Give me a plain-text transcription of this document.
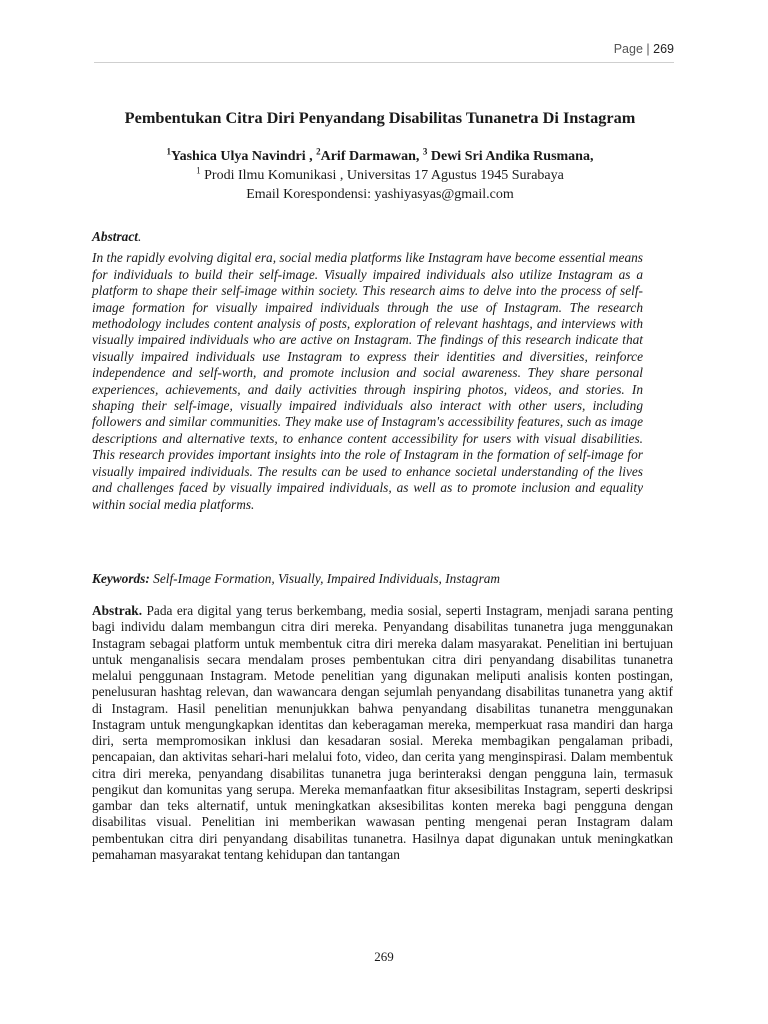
Page | 269
Pembentukan Citra Diri Penyandang Disabilitas Tunanetra Di Instagram
$^1$Yashica Ulya Navindri , $^2$Arif Darmawan, $^3$ Dewi Sri Andika Rusmana,
$^1$ Prodi Ilmu Komunikasi , Universitas 17 Agustus 1945 Surabaya
Email Korespondensi: yashiyasyas@gmail.com
Abstract.

In the rapidly evolving digital era, social media platforms like Instagram have become essential means for individuals to build their self-image. Visually impaired individuals also utilize Instagram as a platform to shape their self-image within society. This research aims to delve into the process of self-image formation for visually impaired individuals through the use of Instagram. The research methodology includes content analysis of posts, exploration of relevant hashtags, and interviews with visually impaired individuals who are active on Instagram. The findings of this research indicate that visually impaired individuals use Instagram to express their identities and diversities, reinforce independence and self-worth, and promote inclusion and social awareness. They share personal experiences, achievements, and daily activities through inspiring photos, videos, and stories. In shaping their self-image, visually impaired individuals also interact with other users, including followers and similar communities. They make use of Instagram's accessibility features, such as image descriptions and alternative texts, to enhance content accessibility for users with visual disabilities. This research provides important insights into the role of Instagram in the formation of self-image for visually impaired individuals. The results can be used to enhance societal understanding of the lives and challenges faced by visually impaired individuals, as well as to promote inclusion and equality within social media platforms.

Keywords: Self-Image Formation, Visually, Impaired Individuals, Instagram
Abstrak. Pada era digital yang terus berkembang, media sosial, seperti Instagram, menjadi sarana penting bagi individu dalam membangun citra diri mereka. Penyandang disabilitas tunanetra juga menggunakan Instagram sebagai platform untuk membentuk citra diri mereka dalam masyarakat. Penelitian ini bertujuan untuk menganalisis secara mendalam proses pembentukan citra diri penyandang disabilitas tunanetra melalui penggunaan Instagram. Metode penelitian yang digunakan meliputi analisis konten postingan, penelusuran hashtag relevan, dan wawancara dengan sejumlah penyandang disabilitas tunanetra yang aktif di Instagram. Hasil penelitian menunjukkan bahwa penyandang disabilitas tunanetra menggunakan Instagram untuk mengungkapkan identitas dan keberagaman mereka, memperkuat rasa mandiri dan harga diri, serta mempromosikan inklusi dan kesadaran sosial. Mereka membagikan pengalaman pribadi, pencapaian, dan aktivitas sehari-hari melalui foto, video, dan cerita yang menginspirasi. Dalam membentuk citra diri mereka, penyandang disabilitas tunanetra juga berinteraksi dengan pengguna lain, termasuk pengikut dan komunitas yang serupa. Mereka memanfaatkan fitur aksesibilitas Instagram, seperti deskripsi gambar dan teks alternatif, untuk meningkatkan aksesibilitas konten mereka bagi pengguna dengan disabilitas visual. Penelitian ini memberikan wawasan penting mengenai peran Instagram dalam pembentukan citra diri penyandang disabilitas tunanetra. Hasilnya dapat digunakan untuk meningkatkan pemahaman masyarakat tentang kehidupan dan tantangan
269
